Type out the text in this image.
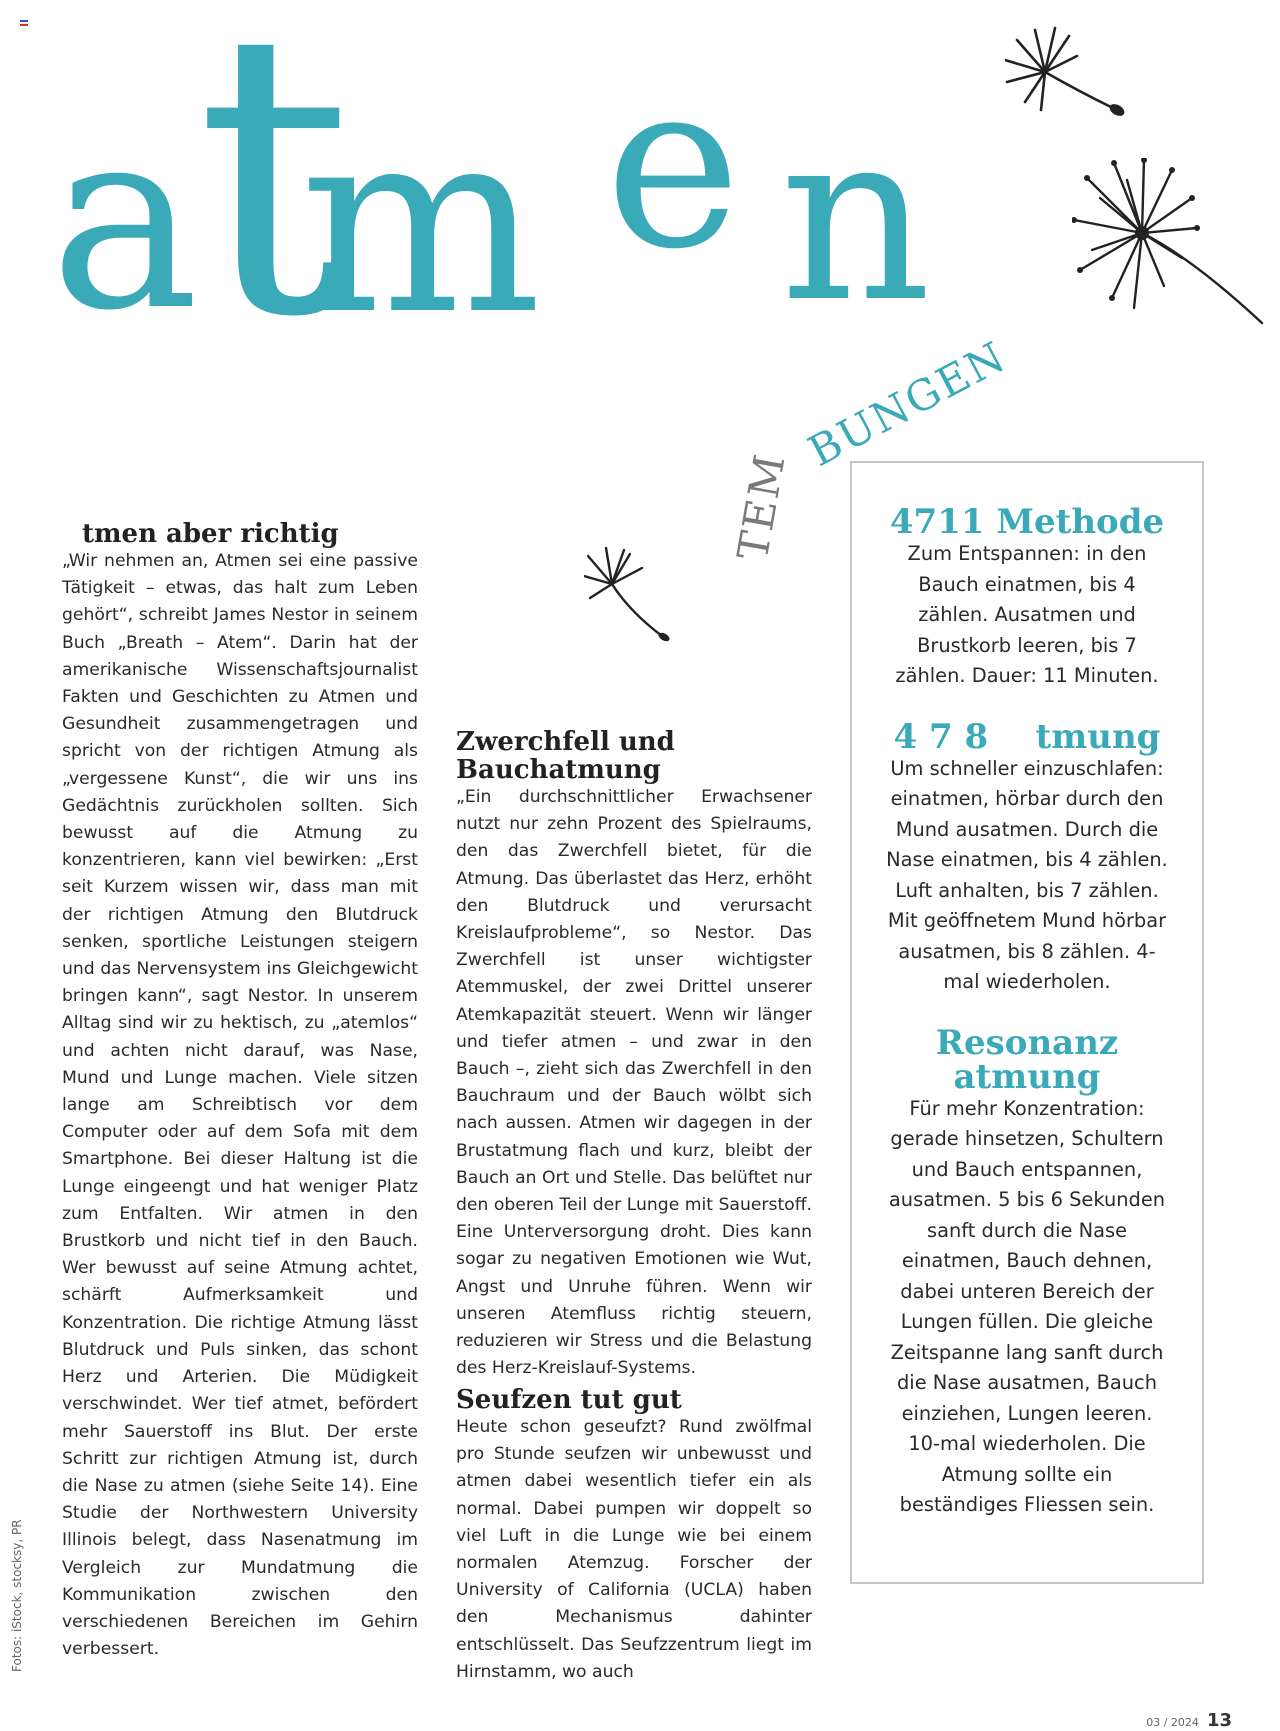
a
t
m e n
TEM
BUNGEN
tmen aber richtig

„Wir nehmen an, Atmen sei eine passive Tätigkeit – etwas, das halt zum Leben gehört“, schreibt James Nestor in seinem Buch „Breath – Atem“. Darin hat der amerikanische Wissenschaftsjournalist Fakten und Geschichten zu Atmen und Gesundheit zusammengetragen und spricht von der richtigen Atmung als „vergessene Kunst“, die wir uns ins Gedächtnis zurückholen sollten. Sich bewusst auf die Atmung zu konzentrieren, kann viel bewirken: „Erst seit Kurzem wissen wir, dass man mit der richtigen Atmung den Blutdruck senken, sportliche Leistungen steigern und das Nervensystem ins Gleichgewicht bringen kann“, sagt Nestor. In unserem Alltag sind wir zu hektisch, zu „atemlos“ und achten nicht darauf, was Nase, Mund und Lunge machen. Viele sitzen lange am Schreibtisch vor dem Computer oder auf dem Sofa mit dem Smartphone. Bei dieser Haltung ist die Lunge eingeengt und hat weniger Platz zum Entfalten. Wir atmen in den Brustkorb und nicht tief in den Bauch. Wer bewusst auf seine Atmung achtet, schärft Aufmerksamkeit und Konzentration. Die richtige Atmung lässt Blutdruck und Puls sinken, das schont Herz und Arterien. Die Müdigkeit verschwindet. Wer tief atmet, befördert mehr Sauerstoff ins Blut. Der erste Schritt zur richtigen Atmung ist, durch die Nase zu atmen (siehe Seite 14). Eine Studie der Northwestern University Illinois belegt, dass Nasenatmung im Vergleich zur Mundatmung die Kommunikation zwischen den verschiedenen Bereichen im Gehirn verbessert.

Zwerchfell und Bauchatmung

„Ein durchschnittlicher Erwachsener nutzt nur zehn Prozent des Spielraums, den das Zwerchfell bietet, für die Atmung. Das überlastet das Herz, erhöht den Blutdruck und verursacht Kreislaufprobleme“, so Nestor. Das Zwerchfell ist unser wichtigster Atemmuskel, der zwei Drittel unserer Atemkapazität steuert. Wenn wir länger und tiefer atmen – und zwar in den Bauch –, zieht sich das Zwerchfell in den Bauchraum und der Bauch wölbt sich nach aussen. Atmen wir dagegen in der Brustatmung flach und kurz, bleibt der Bauch an Ort und Stelle. Das belüftet nur den oberen Teil der Lunge mit Sauerstoff. Eine Unterversorgung droht. Dies kann sogar zu negativen Emotionen wie Wut, Angst und Unruhe führen. Wenn wir unseren Atemfluss richtig steuern, reduzieren wir Stress und die Belastung des Herz-Kreislauf-Systems.

Seufzen tut gut

Heute schon geseufzt? Rund zwölfmal pro Stunde seufzen wir unbewusst und atmen dabei wesentlich tiefer ein als normal. Dabei pumpen wir doppelt so viel Luft in die Lunge wie bei einem normalen Atemzug. Forscher der University of California (UCLA) haben den Mechanismus dahinter entschlüsselt. Das Seufzzentrum liegt im Hirnstamm, wo auch

4711 Methode

Zum Entspannen: in den Bauch einatmen, bis 4 zählen. Ausatmen und Brustkorb leeren, bis 7 zählen. Dauer: 11 Minuten.

4 7 8    tmung

Um schneller einzuschlafen: einatmen, hörbar durch den Mund ausatmen. Durch die Nase einatmen, bis 4 zählen. Luft anhalten, bis 7 zählen. Mit geöffnetem Mund hörbar ausatmen, bis 8 zählen. 4-mal wiederholen.

Resonanz
atmung

Für mehr Konzentration: gerade hinsetzen, Schultern und Bauch entspannen, ausatmen. 5 bis 6 Sekunden sanft durch die Nase einatmen, Bauch dehnen, dabei unteren Bereich der Lungen füllen. Die gleiche Zeitspanne lang sanft durch die Nase ausatmen, Bauch einziehen, Lungen leeren. 10-mal wiederholen. Die Atmung sollte ein beständiges Fliessen sein.

Fotos: iStock, stocksy, PR
03 / 2024 13
